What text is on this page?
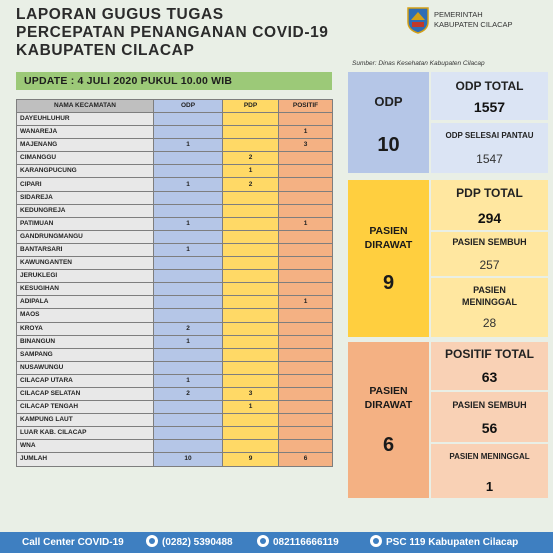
LAPORAN GUGUS TUGAS
PERCEPATAN PENANGANAN COVID-19
KABUPATEN CILACAP
PEMERINTAH
KABUPATEN CILACAP
Sumber: Dinas Kesehatan Kabupaten Cilacap
UPDATE : 4 JULI 2020 PUKUL 10.00 WIB
NAMA KECAMATAN	ODP	PDP	POSITIF
DAYEUHLUHUR			
WANAREJA			1
MAJENANG	1		3
CIMANGGU		2	
KARANGPUCUNG		1	
CIPARI	1	2	
SIDAREJA			
KEDUNGREJA			
PATIMUAN	1		1
GANDRUNGMANGU			
BANTARSARI	1		
KAWUNGANTEN			
JERUKLEGI			
KESUGIHAN			
ADIPALA			1
MAOS			
KROYA	2		
BINANGUN	1		
SAMPANG			
NUSAWUNGU			
CILACAP UTARA	1		
CILACAP SELATAN	2	3	
CILACAP TENGAH		1	
KAMPUNG LAUT			
LUAR KAB. CILACAP			
WNA			
JUMLAH	10	9	6
ODP
10
ODP TOTAL
1557
ODP SELESAI PANTAU
1547
PASIEN DIRAWAT
9
PDP TOTAL
294
PASIEN SEMBUH
257
PASIEN MENINGGAL
28
PASIEN DIRAWAT
6
POSITIF TOTAL
63
PASIEN SEMBUH
56
PASIEN MENINGGAL
1
Call Center COVID-19	(0282) 5390488	082116666119	PSC 119 Kabupaten Cilacap
